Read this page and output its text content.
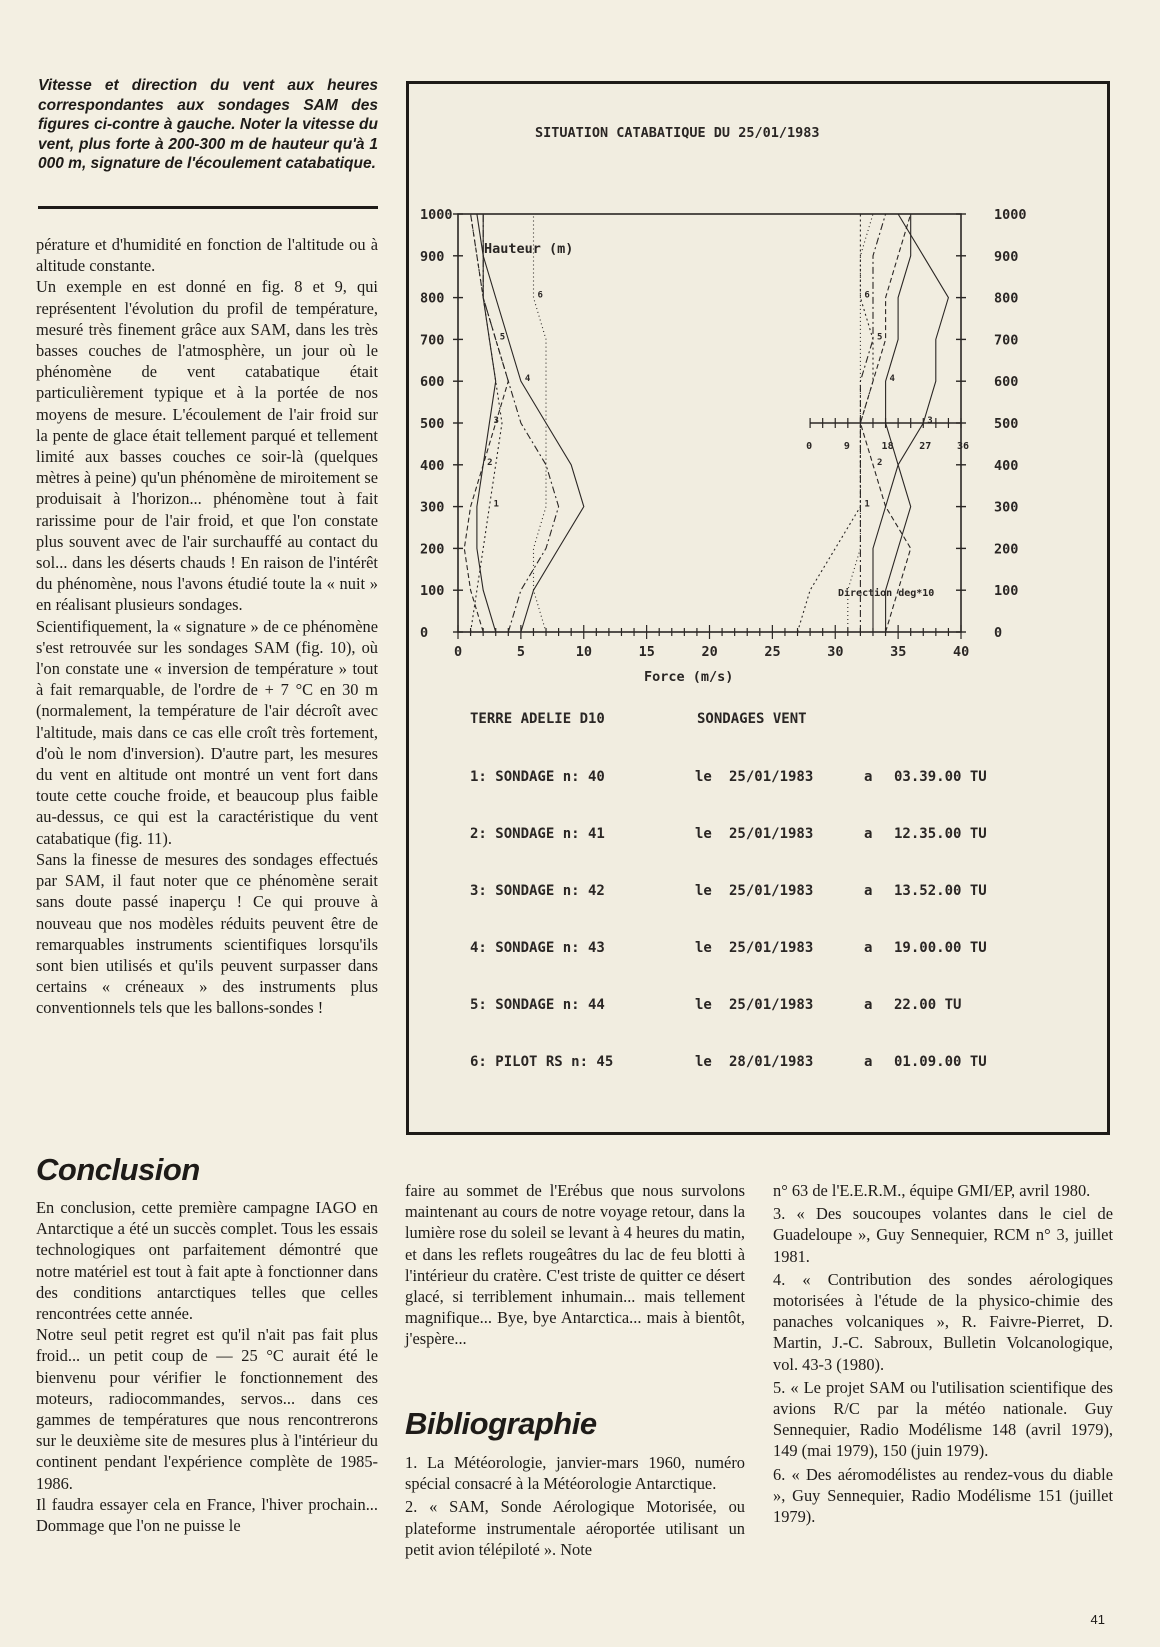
Vitesse et direction du vent aux heures correspondantes aux sondages SAM des figures ci-contre à gauche. Noter la vitesse du vent, plus forte à 200-300 m de hauteur qu'à 1 000 m, signature de l'écoulement catabatique.

pérature et d'humidité en fonction de l'altitude ou à altitude constante.

Un exemple en est donné en fig. 8 et 9, qui représentent l'évolution du profil de température, mesuré très finement grâce aux SAM, dans les très basses couches de l'atmosphère, un jour où le phénomène de vent catabatique était particulièrement typique et à la portée de nos moyens de mesure. L'écoulement de l'air froid sur la pente de glace était tellement parqué et tellement limité aux basses couches ce soir-là (quelques mètres à peine) qu'un phénomène de miroitement se produisait à l'horizon... phénomène tout à fait rarissime pour de l'air froid, et que l'on constate plus souvent avec de l'air surchauffé au contact du sol... dans les déserts chauds ! En raison de l'intérêt du phénomène, nous l'avons étudié toute la « nuit » en réalisant plusieurs sondages.

Scientifiquement, la « signature » de ce phénomène s'est retrouvée sur les sondages SAM (fig. 10), où l'on constate une « inversion de température » tout à fait remarquable, de l'ordre de + 7 °C en 30 m (normalement, la température de l'air décroît avec l'altitude, mais dans ce cas elle croît très fortement, d'où le nom d'inversion). D'autre part, les mesures du vent en altitude ont montré un vent fort dans toute cette couche froide, et beaucoup plus faible au-dessus, ce qui est la caractéristique du vent catabatique (fig. 11).

Sans la finesse de mesures des sondages effectués par SAM, il faut noter que ce phénomène serait sans doute passé inaperçu ! Ce qui prouve à nouveau que nos modèles réduits peuvent être de remarquables instruments scientifiques lorsqu'ils sont bien utilisés et qu'ils peuvent surpasser dans certains « créneaux » des instruments plus conventionnels tels que les ballons-sondes !

SITUATION CATABATIQUE DU 25/01/1983
0	0
100	100
200	200
300	300
400	400
500	500
600	600
700	700
800	800
900	900
1000	1000
0	5	10	15	20	25	30	35	40
0	9	18	27	36
1
2
3
4
5
6
1
2
3
4
5
6
Force (m/s)
Hauteur (m)
Direction deg*10
TERRE ADELIE D10	SONDAGES VENT
1: SONDAGE n: 40	le 25/01/1983	a 03.39.00 TU
2: SONDAGE n: 41	le 25/01/1983	a 12.35.00 TU
3: SONDAGE n: 42	le 25/01/1983	a 13.52.00 TU
4: SONDAGE n: 43	le 25/01/1983	a 19.00.00 TU
5: SONDAGE n: 44	le 25/01/1983	a 22.00 TU
6: PILOT RS n: 45	le 28/01/1983	a 01.09.00 TU
Conclusion

En conclusion, cette première campagne IAGO en Antarctique a été un succès complet. Tous les essais technologiques ont parfaitement démontré que notre matériel est tout à fait apte à fonctionner dans des conditions antarctiques telles que celles rencontrées cette année.

Notre seul petit regret est qu'il n'ait pas fait plus froid... un petit coup de — 25 °C aurait été le bienvenu pour vérifier le fonctionnement des moteurs, radiocommandes, servos... dans ces gammes de températures que nous rencontrerons sur le deuxième site de mesures plus à l'intérieur du continent pendant l'expérience complète de 1985-1986.

Il faudra essayer cela en France, l'hiver prochain... Dommage que l'on ne puisse le

faire au sommet de l'Erébus que nous survolons maintenant au cours de notre voyage retour, dans la lumière rose du soleil se levant à 4 heures du matin, et dans les reflets rougeâtres du lac de feu blotti à l'intérieur du cratère. C'est triste de quitter ce désert glacé, si terriblement inhumain... mais tellement magnifique... Bye, bye Antarctica... mais à bientôt, j'espère...
Bibliographie

1. La Météorologie, janvier-mars 1960, numéro spécial consacré à la Météorologie Antarctique.

2. « SAM, Sonde Aérologique Motorisée, ou plateforme instrumentale aéroportée utilisant un petit avion télépiloté ». Note

n° 63 de l'E.E.R.M., équipe GMI/EP, avril 1980.

3. « Des soucoupes volantes dans le ciel de Guadeloupe », Guy Sennequier, RCM n° 3, juillet 1981.

4. « Contribution des sondes aérologiques motorisées à l'étude de la physico-chimie des panaches volcaniques », R. Faivre-Pierret, D. Martin, J.-C. Sabroux, Bulletin Volcanologique, vol. 43-3 (1980).

5. « Le projet SAM ou l'utilisation scientifique des avions R/C par la météo nationale. Guy Sennequier, Radio Modélisme 148 (avril 1979), 149 (mai 1979), 150 (juin 1979).

6. « Des aéromodélistes au rendez-vous du diable », Guy Sennequier, Radio Modélisme 151 (juillet 1979).

41
